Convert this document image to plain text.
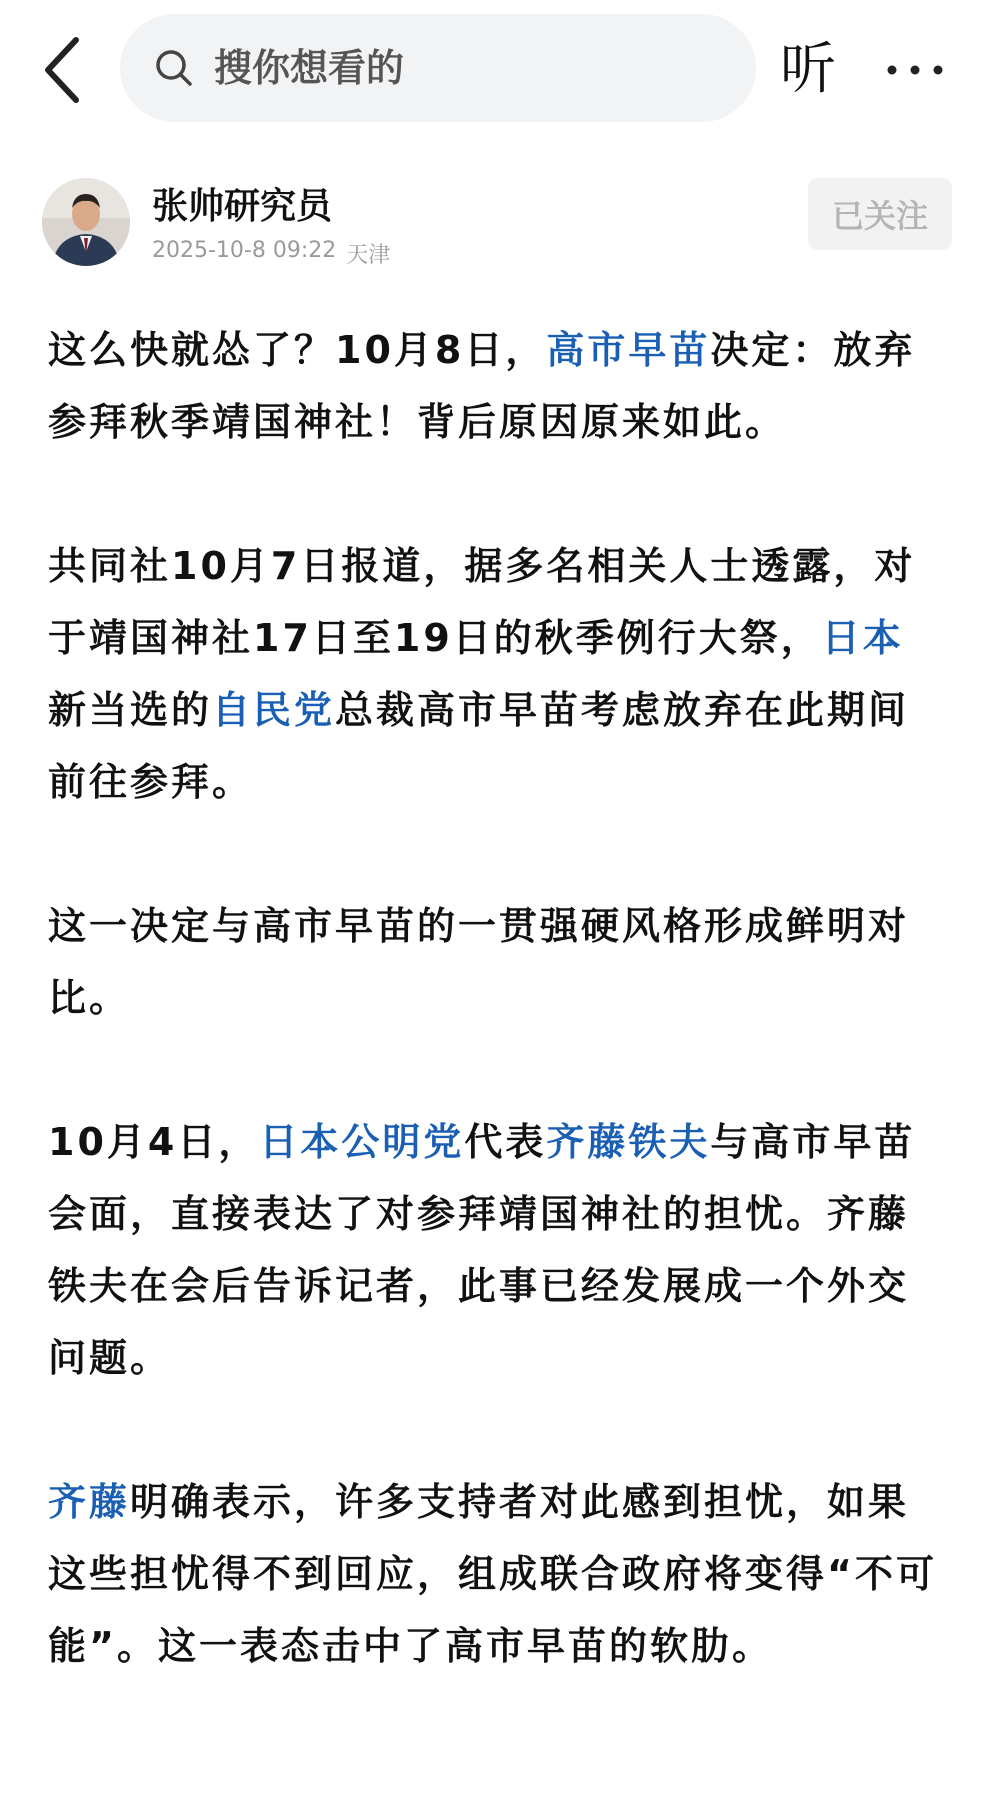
搜你想看的
听
张帅研究员
2025-10-8 09:22 天津
已关注

这么快就怂了？10月8日，高市早苗决定：放弃参拜秋季靖国神社！背后原因原来如此。

共同社10月7日报道，据多名相关人士透露，对于靖国神社17日至19日的秋季例行大祭，日本新当选的自民党总裁高市早苗考虑放弃在此期间前往参拜。

这一决定与高市早苗的一贯强硬风格形成鲜明对比。

10月4日，日本公明党代表齐藤铁夫与高市早苗会面，直接表达了对参拜靖国神社的担忧。齐藤铁夫在会后告诉记者，此事已经发展成一个外交问题。

齐藤明确表示，许多支持者对此感到担忧，如果这些担忧得不到回应，组成联合政府将变得“不可能”。这一表态击中了高市早苗的软肋。
